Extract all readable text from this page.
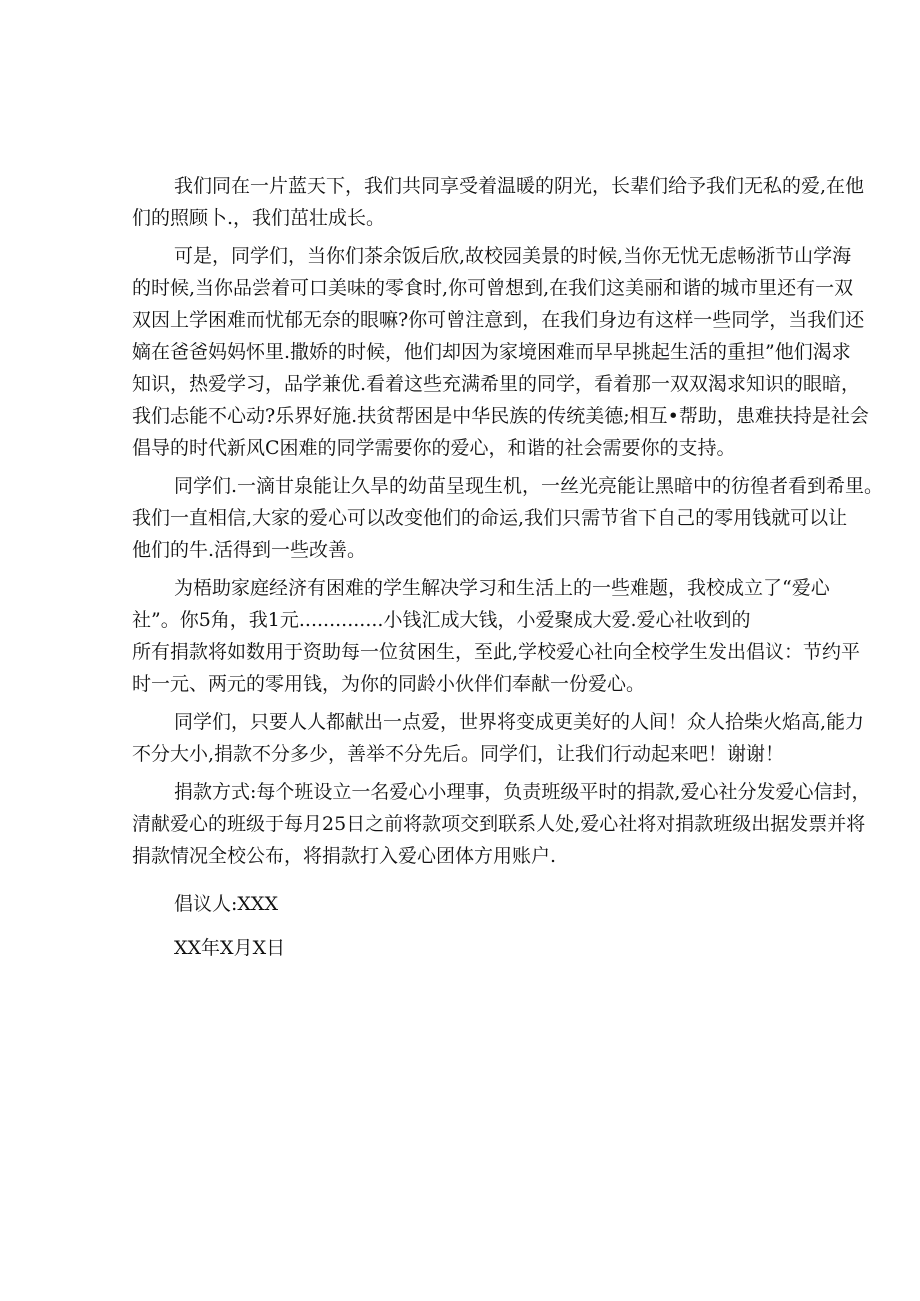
我们同在一片蓝天下，我们共同享受着温暖的阴光，长辈们给予我们无私的爱,在他
们的照顾卜.，我们茁壮成长。
可是，同学们，当你们茶余饭后欣,故校园美景的时候,当你无忧无虑畅浙节山学海
的时候,当你品尝着可口美味的零食时,你可曾想到,在我们这美丽和谐的城市里还有一双
双因上学困难而忧郁无奈的眼嘛?你可曾注意到，在我们身边有这样一些同学，当我们还
嫡在爸爸妈妈怀里.撒娇的时候，他们却因为家境困难而早早挑起生活的重担”他们渴求
知识，热爱学习，品学兼优.看着这些充满希里的同学，看着那一双双渴求知识的眼暗，
我们忐能不心动?乐界好施.扶贫帮困是中华民族的传统美德;相互•帮助，患难扶持是社会
倡导的时代新风C困难的同学需要你的爱心，和谐的社会需要你的支持。
同学们.一滴甘泉能让久旱的幼苗呈现生机，一丝光亮能让黑暗中的彷徨者看到希里。
我们一直相信,大家的爱心可以改变他们的命运,我们只需节省下自己的零用钱就可以让
他们的牛.活得到一些改善。
为梧助家庭经济有困难的学生解决学习和生活上的一些难题，我校成立了“爱心
社”。你5角，我1元..............小钱汇成大钱，小爱聚成大爱.爱心社收到的
所有捐款将如数用于资助每一位贫困生，至此,学校爱心社向全校学生发出倡议：节约平
时一元、两元的零用钱，为你的同龄小伙伴们奉献一份爱心。
同学们，只要人人都献出一点爱，世界将变成更美好的人间！众人拾柴火焰高,能力
不分大小,捐款不分多少，善举不分先后。同学们，让我们行动起来吧！谢谢！
捐款方式:每个班设立一名爱心小理事，负责班级平时的捐款,爱心社分发爱心信封，
清献爱心的班级于每月25日之前将款项交到联系人处,爱心社将对捐款班级出据发票并将
捐款情况全校公布，将捐款打入爱心团体方用账户.
倡议人:XXX
XX年X月X日
